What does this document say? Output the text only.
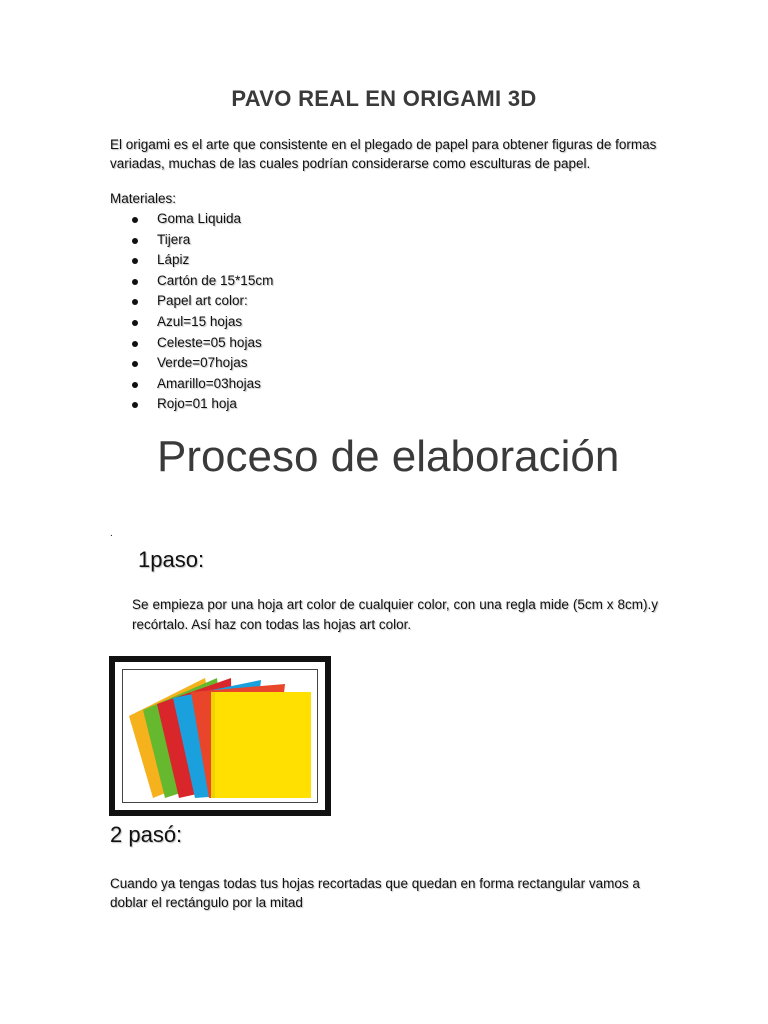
PAVO REAL EN ORIGAMI 3D
El origami es el arte que consistente en el plegado de papel para obtener figuras de formas variadas, muchas de las cuales podrían considerarse como esculturas de papel.
Materiales:
Goma Liquida
Tijera
Lápiz
Cartón de 15*15cm
Papel art color:
Azul=15 hojas
Celeste=05 hojas
Verde=07hojas
Amarillo=03hojas
Rojo=01 hoja
Proceso de elaboración
.
1paso:
Se empieza por una hoja art color de cualquier color, con una regla mide (5cm x 8cm).y recórtalo. Así haz con todas las hojas art color.
2 pasó:
Cuando ya tengas todas tus hojas recortadas que quedan en forma rectangular vamos a doblar el rectángulo por la mitad
